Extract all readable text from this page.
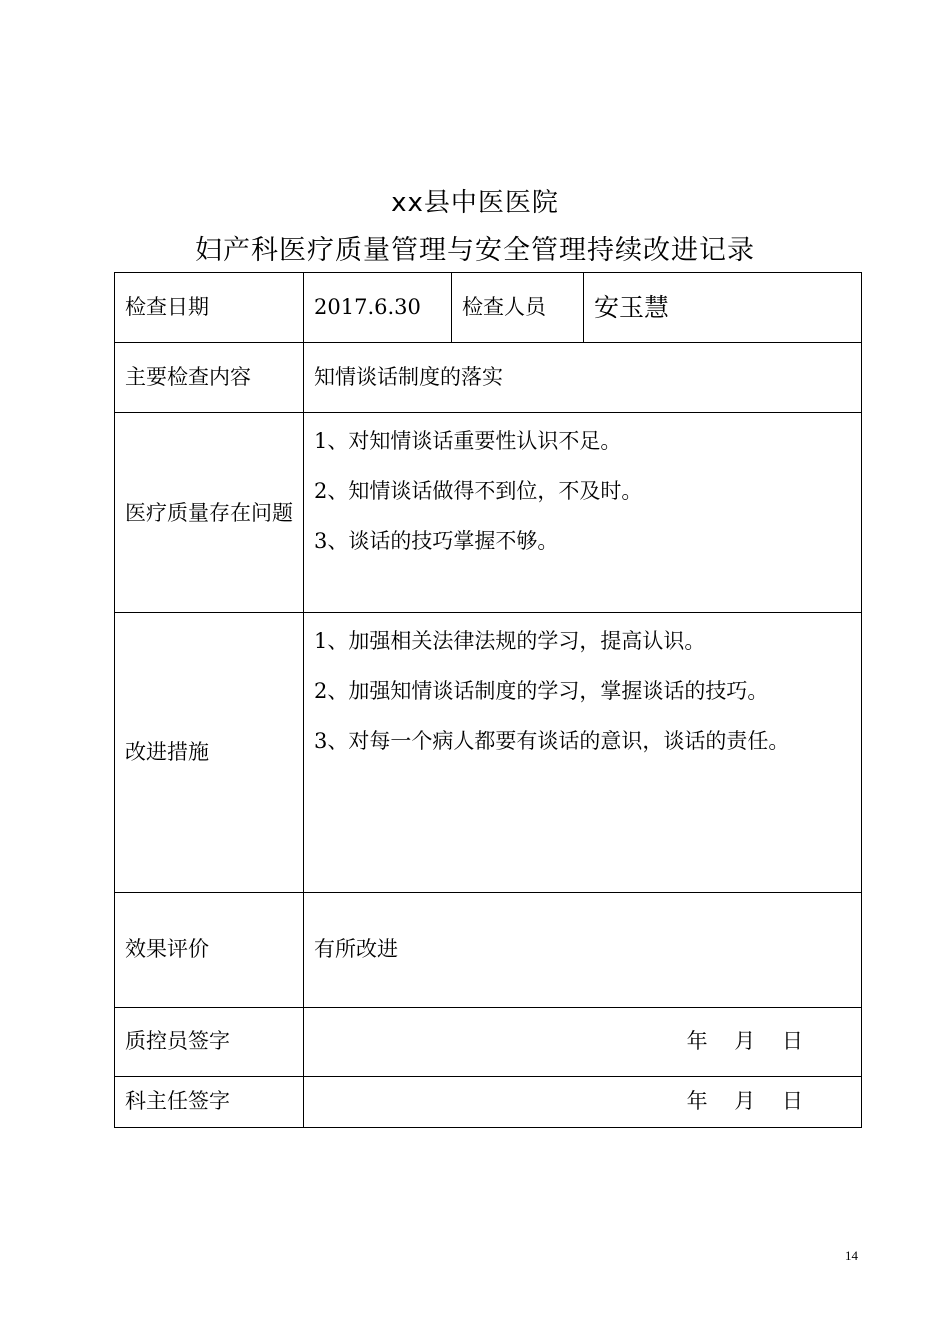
xx县中医医院
妇产科医疗质量管理与安全管理持续改进记录
检查日期	2017.6.30	检查人员	安玉慧
主要检查内容	知情谈话制度的落实		
医疗质量存在问题	1、对知情谈话重要性认识不足。
2、知情谈话做得不到位，不及时。
3、谈话的技巧掌握不够。		

改进措施	1、加强相关法律法规的学习，提高认识。
2、加强知情谈话制度的学习，掌握谈话的技巧。
3、对每一个病人都要有谈话的意识，谈话的责任。		

效果评价	有所改进		
质控员签字	年    月    日		
科主任签字	年    月    日		
14
